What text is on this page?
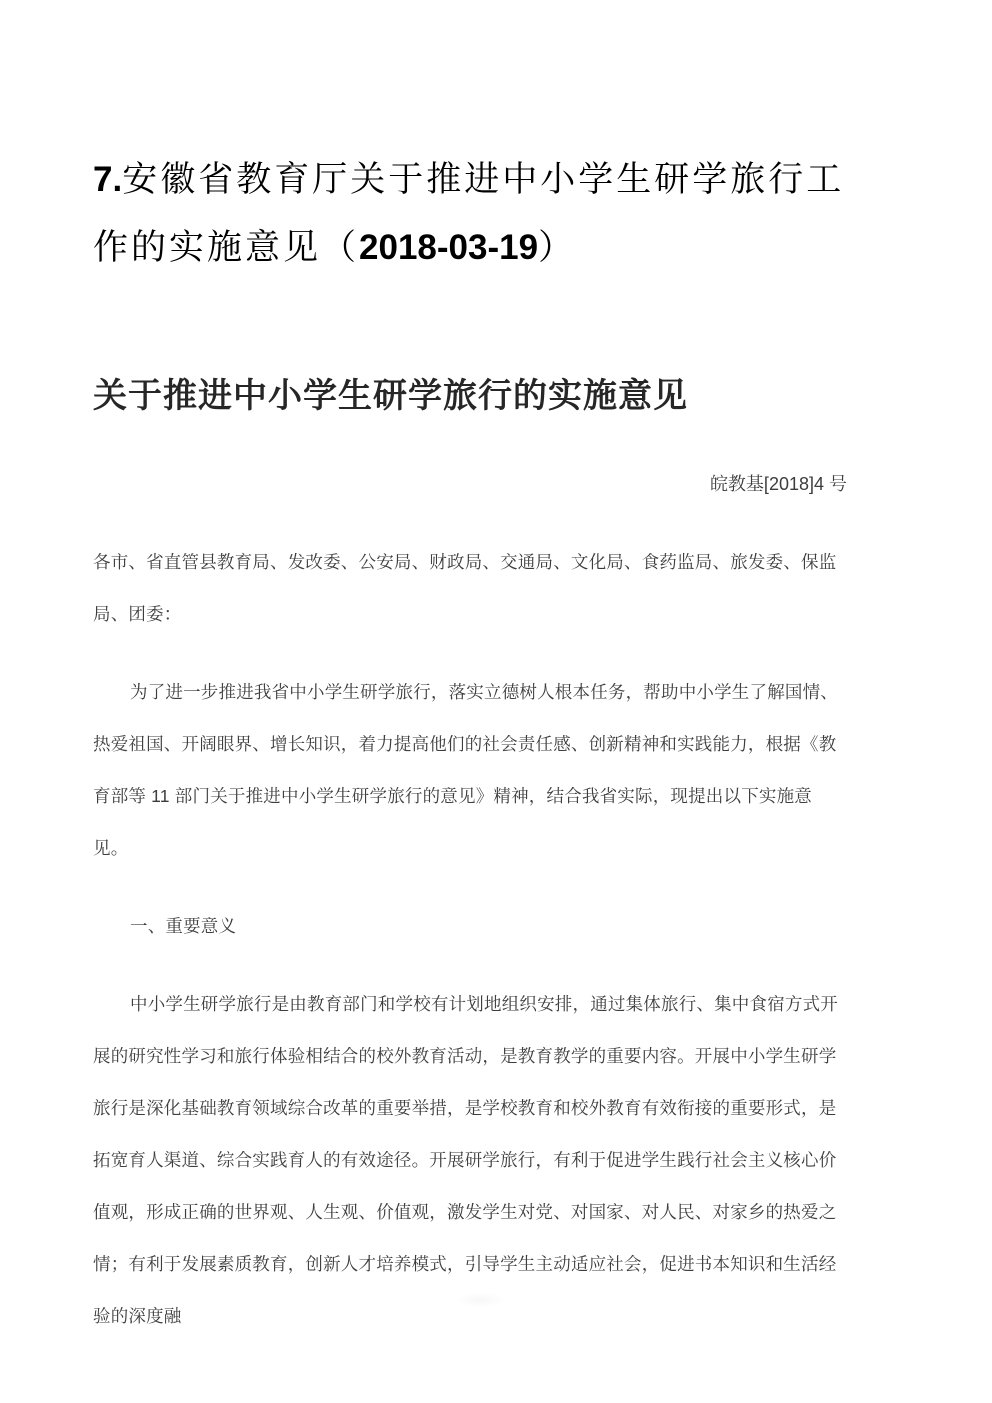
7.安徽省教育厅关于推进中小学生研学旅行工作的实施意见（2018-03-19）
关于推进中小学生研学旅行的实施意见

皖教基[2018]4 号

各市、省直管县教育局、发改委、公安局、财政局、交通局、文化局、食药监局、旅发委、保监局、团委：

为了进一步推进我省中小学生研学旅行，落实立德树人根本任务，帮助中小学生了解国情、热爱祖国、开阔眼界、增长知识，着力提高他们的社会责任感、创新精神和实践能力，根据《教育部等 11 部门关于推进中小学生研学旅行的意见》精神，结合我省实际，现提出以下实施意见。

一、重要意义

中小学生研学旅行是由教育部门和学校有计划地组织安排，通过集体旅行、集中食宿方式开展的研究性学习和旅行体验相结合的校外教育活动，是教育教学的重要内容。开展中小学生研学旅行是深化基础教育领域综合改革的重要举措，是学校教育和校外教育有效衔接的重要形式，是拓宽育人渠道、综合实践育人的有效途径。开展研学旅行，有利于促进学生践行社会主义核心价值观，形成正确的世界观、人生观、价值观，激发学生对党、对国家、对人民、对家乡的热爱之情；有利于发展素质教育，创新人才培养模式，引导学生主动适应社会，促进书本知识和生活经验的深度融
